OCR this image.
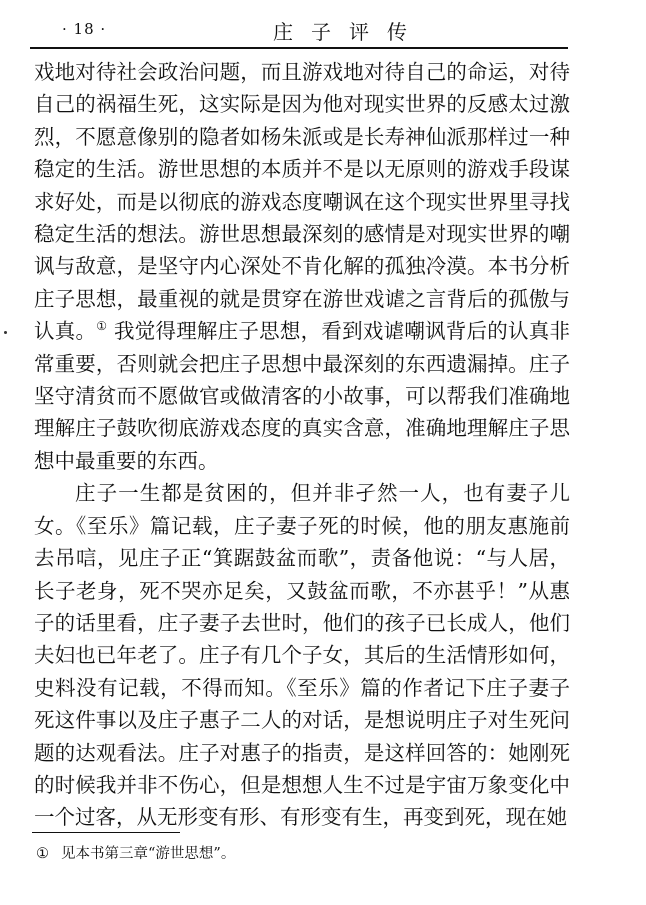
· 18 ·	庄子评传

戏地对待社会政治问题，而且游戏地对待自己的命运，对待自己的祸福生死，这实际是因为他对现实世界的反感太过激烈，不愿意像别的隐者如杨朱派或是长寿神仙派那样过一种稳定的生活。游世思想的本质并不是以无原则的游戏手段谋求好处，而是以彻底的游戏态度嘲讽在这个现实世界里寻找稳定生活的想法。游世思想最深刻的感情是对现实世界的嘲讽与敌意，是坚守内心深处不肯化解的孤独冷漠。本书分析庄子思想，最重视的就是贯穿在游世戏谑之言背后的孤傲与认真。① 我觉得理解庄子思想，看到戏谑嘲讽背后的认真非常重要，否则就会把庄子思想中最深刻的东西遗漏掉。庄子坚守清贫而不愿做官或做清客的小故事，可以帮我们准确地理解庄子鼓吹彻底游戏态度的真实含意，准确地理解庄子思想中最重要的东西。

庄子一生都是贫困的，但并非孑然一人，也有妻子儿女。《至乐》篇记载，庄子妻子死的时候，他的朋友惠施前去吊唁，见庄子正“箕踞鼓盆而歌”，责备他说：“与人居，长子老身，死不哭亦足矣，又鼓盆而歌，不亦甚乎！”从惠子的话里看，庄子妻子去世时，他们的孩子已长成人，他们夫妇也已年老了。庄子有几个子女，其后的生活情形如何，史料没有记载，不得而知。《至乐》篇的作者记下庄子妻子死这件事以及庄子惠子二人的对话，是想说明庄子对生死问题的达观看法。庄子对惠子的指责，是这样回答的：她刚死的时候我并非不伤心，但是想想人生不过是宇宙万象变化中一个过客，从无形变有形、有形变有生，再变到死，现在她

① 见本书第三章“游世思想”。
